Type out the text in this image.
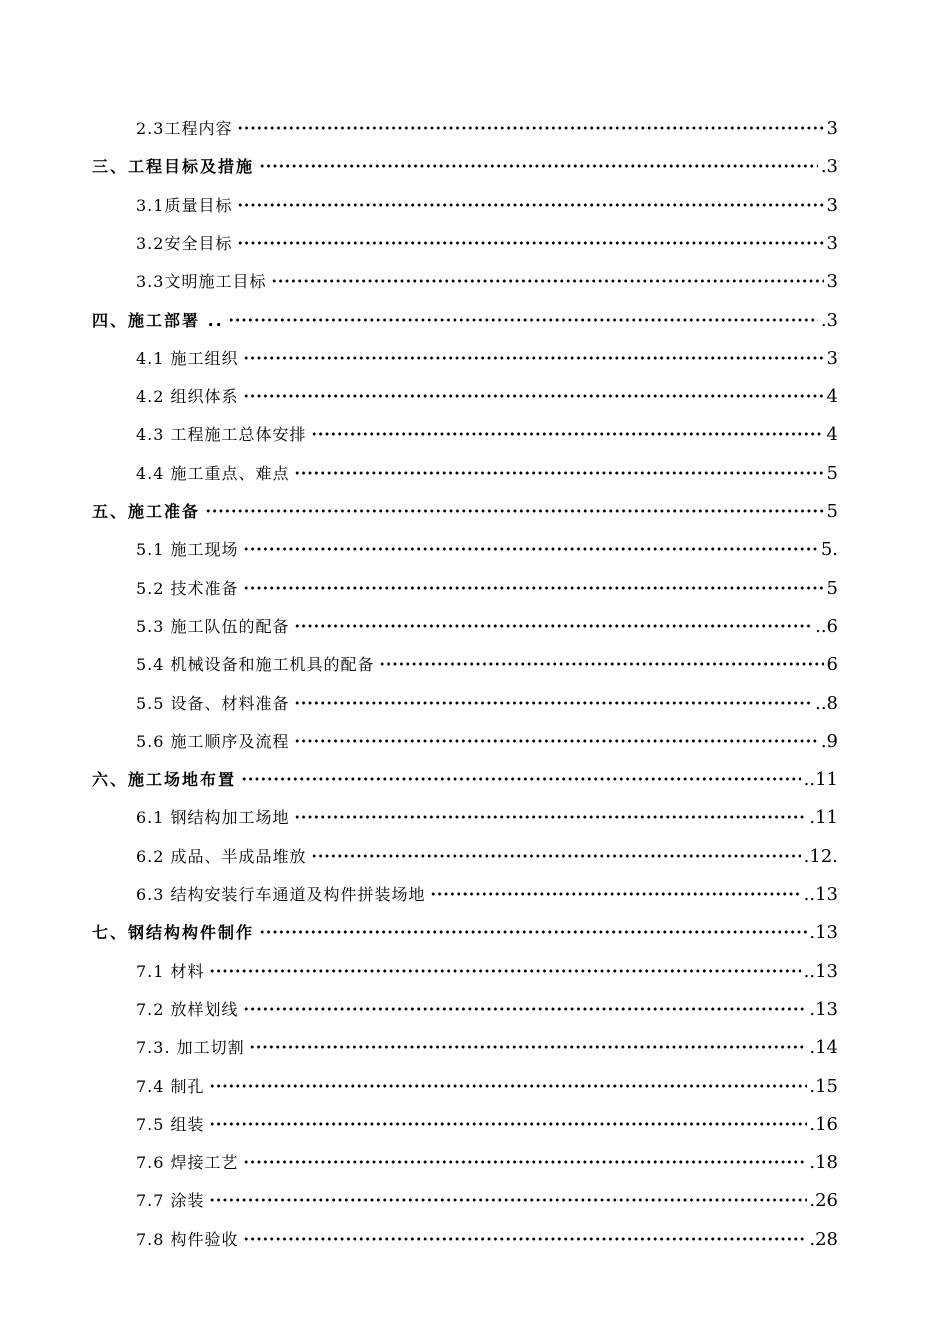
2.3工程内容	3
三、工程目标及措施	.3
3.1质量目标	3
3.2安全目标	3
3.3文明施工目标	3
四、施工部署 ..	.3
4.1 施工组织	3
4.2 组织体系	4
4.3 工程施工总体安排	4
4.4 施工重点、难点	5
五、施工准备	5
5.1 施工现场	5.
5.2 技术准备	5
5.3 施工队伍的配备	..6
5.4 机械设备和施工机具的配备	6
5.5 设备、材料准备	..8
5.6 施工顺序及流程	.9
六、施工场地布置	..11
6.1 钢结构加工场地	.11
6.2 成品、半成品堆放	.12.
6.3 结构安装行车通道及构件拼装场地	..13
七、钢结构构件制作	.13
7.1 材料	..13
7.2 放样划线	.13
7.3. 加工切割	.14
7.4 制孔	.15
7.5 组装	.16
7.6 焊接工艺	.18
7.7 涂装	.26
7.8 构件验收	.28
